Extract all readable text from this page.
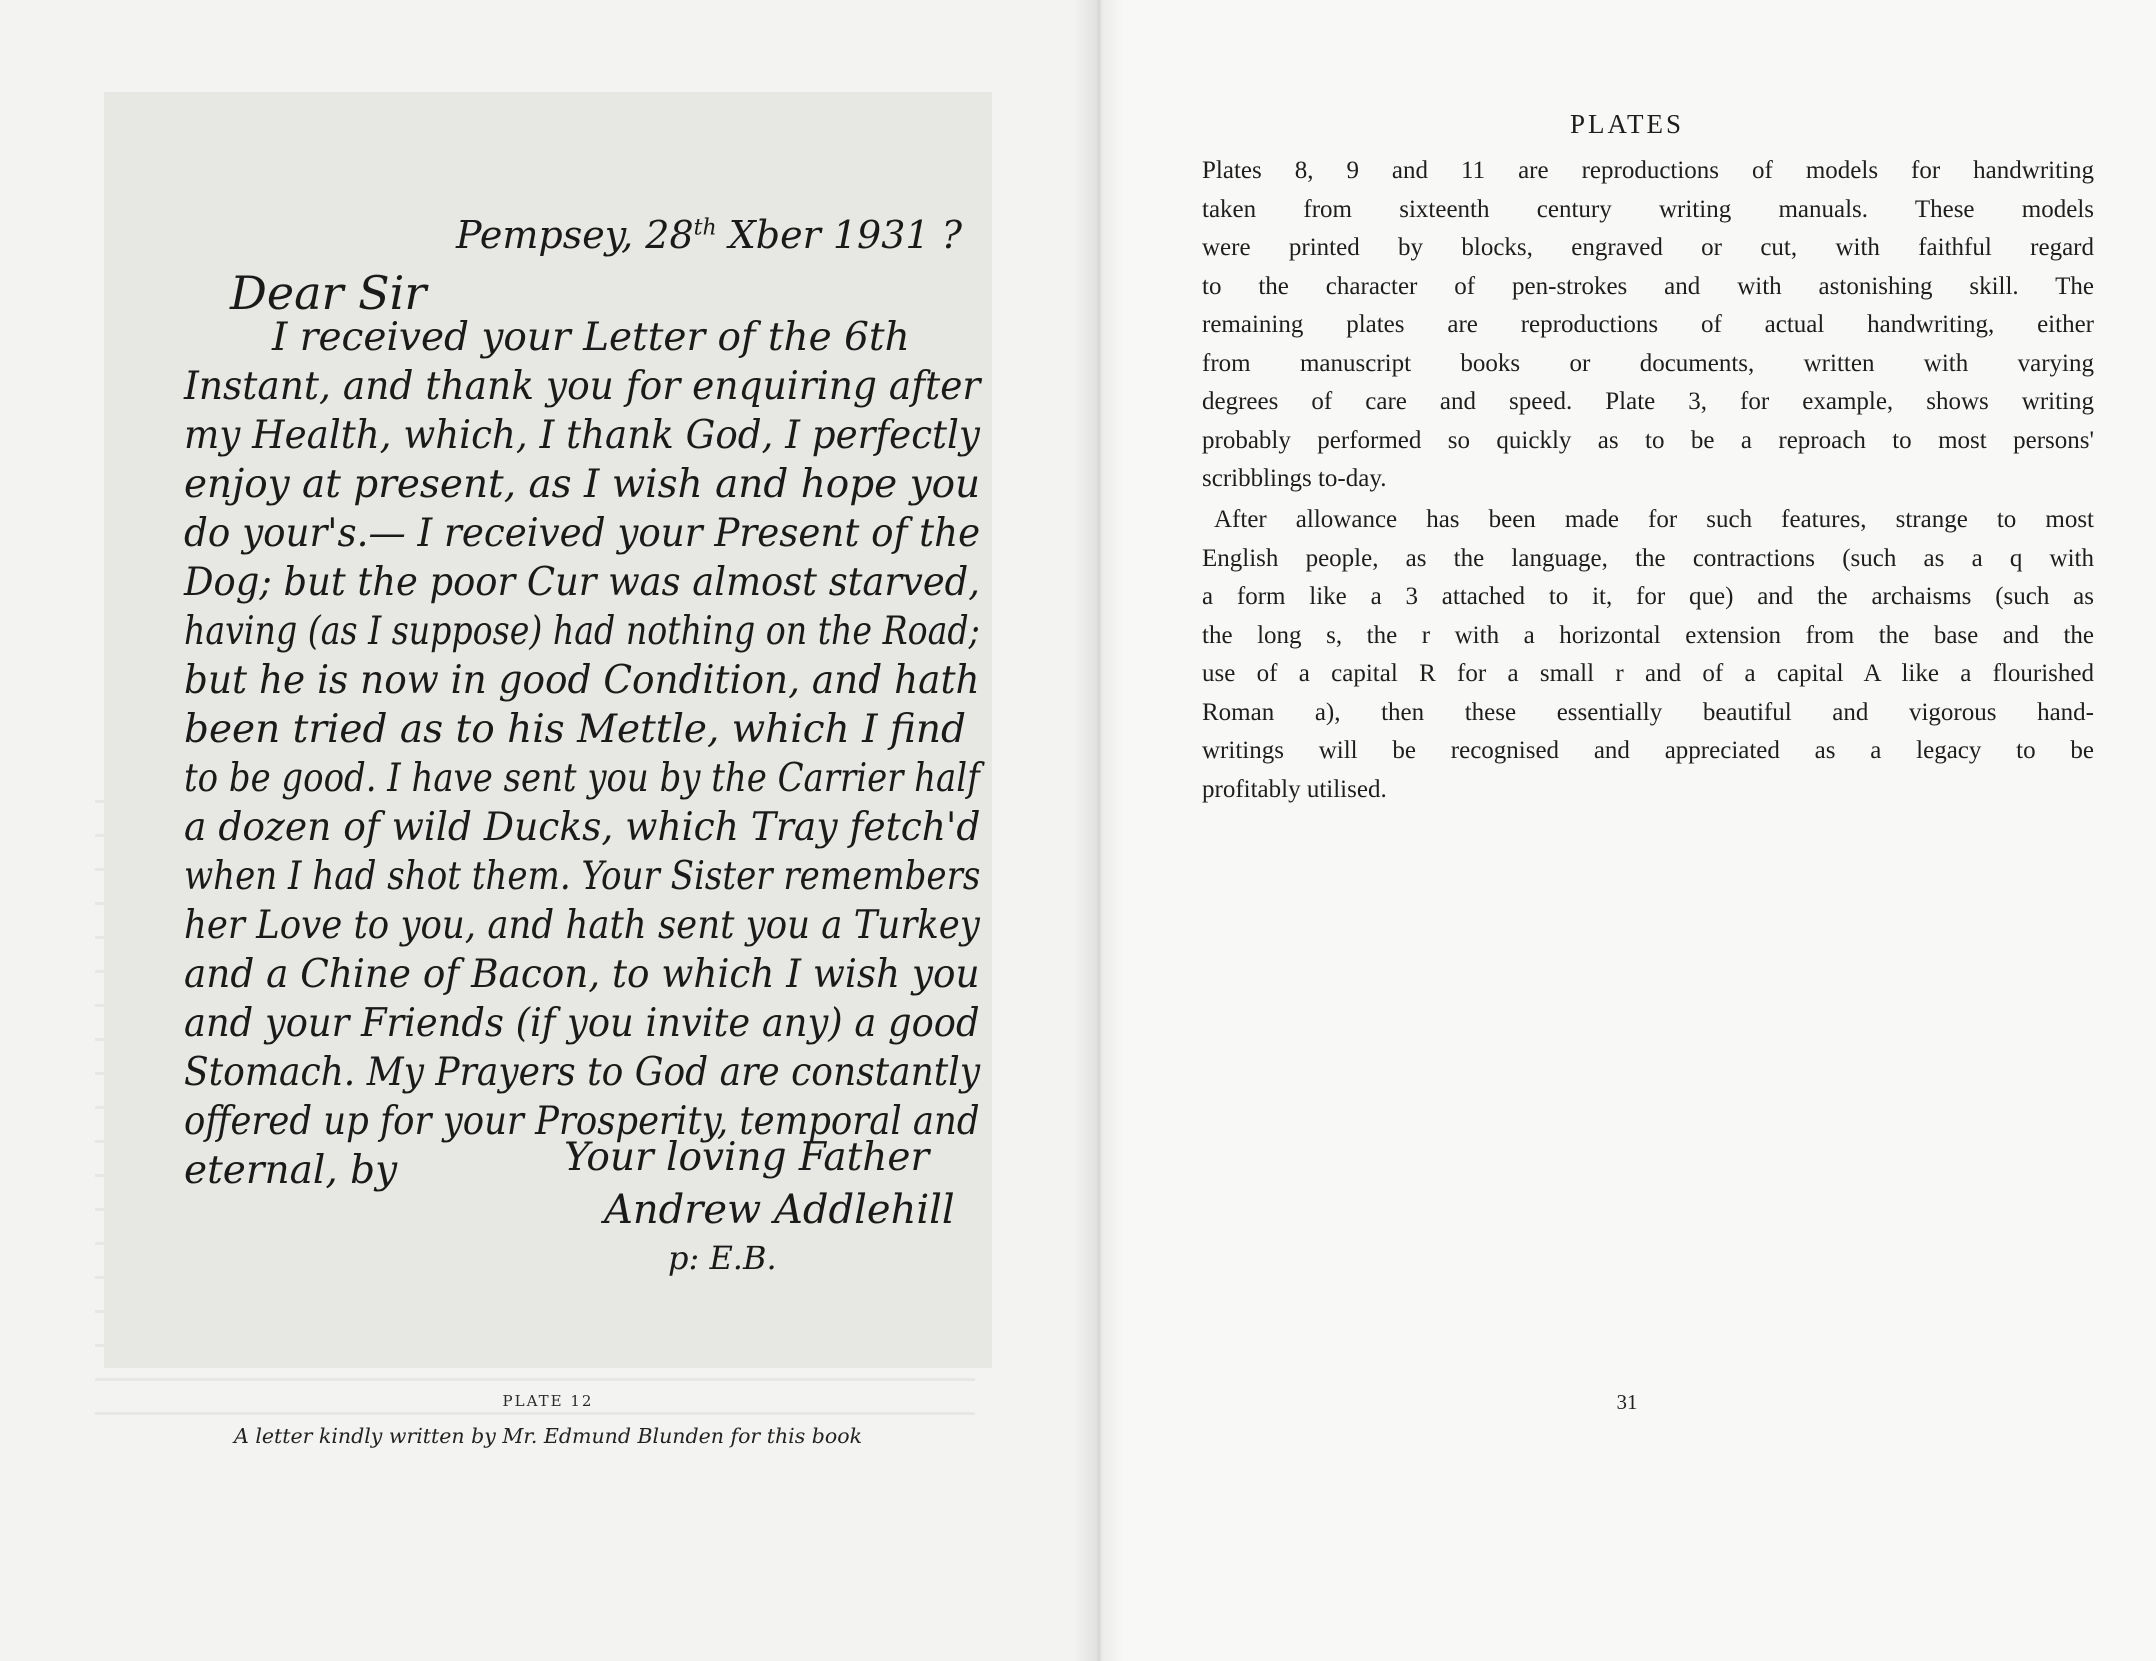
Pempsey, 28th Xber 1931 ?
Dear Sir
I received your Letter of the 6th
Instant, and thank you for enquiring after
my Health, which, I thank God, I perfectly
enjoy at present, as I wish and hope you
do your's.— I received your Present of the
Dog; but the poor Cur was almost starved,
having (as I suppose) had nothing on the Road;
but he is now in good Condition, and hath
been tried as to his Mettle, which I find
to be good. I have sent you by the Carrier half
a dozen of wild Ducks, which Tray fetch'd
when I had shot them. Your Sister remembers
her Love to you, and hath sent you a Turkey
and a Chine of Bacon, to which I wish you
and your Friends (if you invite any) a good
Stomach. My Prayers to God are constantly
offered up for your Prosperity, temporal and
eternal, by	Your loving Father
Andrew Addlehill
p: E.B.
PLATE 12
A letter kindly written by Mr. Edmund Blunden for this book
PLATES

Plates 8, 9 and 11 are reproductions of models for handwriting
taken from sixteenth century writing manuals. These models
were printed by blocks, engraved or cut, with faithful regard
to the character of pen-strokes and with astonishing skill. The
remaining plates are reproductions of actual handwriting, either
from manuscript books or documents, written with varying
degrees of care and speed. Plate 3, for example, shows writing
probably performed so quickly as to be a reproach to most persons'
scribblings to-day.

After allowance has been made for such features, strange to most
English people, as the language, the contractions (such as a q with
a form like a 3 attached to it, for que) and the archaisms (such as
the long s, the r with a horizontal extension from the base and the
use of a capital R for a small r and of a capital A like a flourished
Roman a), then these essentially beautiful and vigorous hand-
writings will be recognised and appreciated as a legacy to be
profitably utilised.

31
